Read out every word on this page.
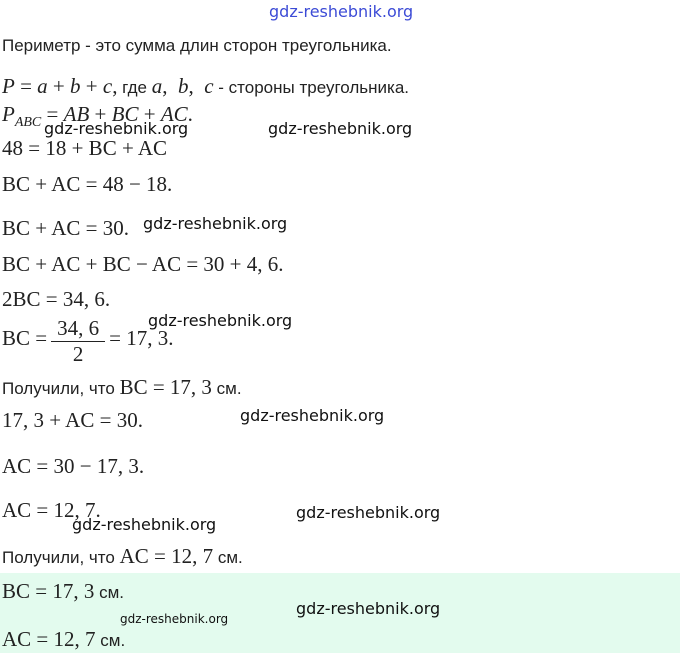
gdz-reshebnik.org
Периметр - это сумма длин сторон треугольника.
P = a + b + c, где a,  b,  c - стороны треугольника.
$P_{ABC}$ = AB + BC + AC.
gdz-reshebnik.org	gdz-reshebnik.org
48 = 18 + BC + AC
BC + AC = 48 − 18.
BC + AC = 30. gdz-reshebnik.org
BC + AC + BC − AC = 30 + 4, 6.
2BC = 34, 6.
gdz-reshebnik.org
BC = $\frac{34, 6}{2} = 17$, 3.
Получили, что BC = 17, 3 см.
17, 3 + AC = 30.	gdz-reshebnik.org
AC = 30 − 17, 3.
AC = 12, 7.
gdz-reshebnik.org
gdz-reshebnik.org
Получили, что AC = 12, 7 см.
BC = 17, 3 см.
gdz-reshebnik.org
gdz-reshebnik.org
AC = 12, 7 см.
